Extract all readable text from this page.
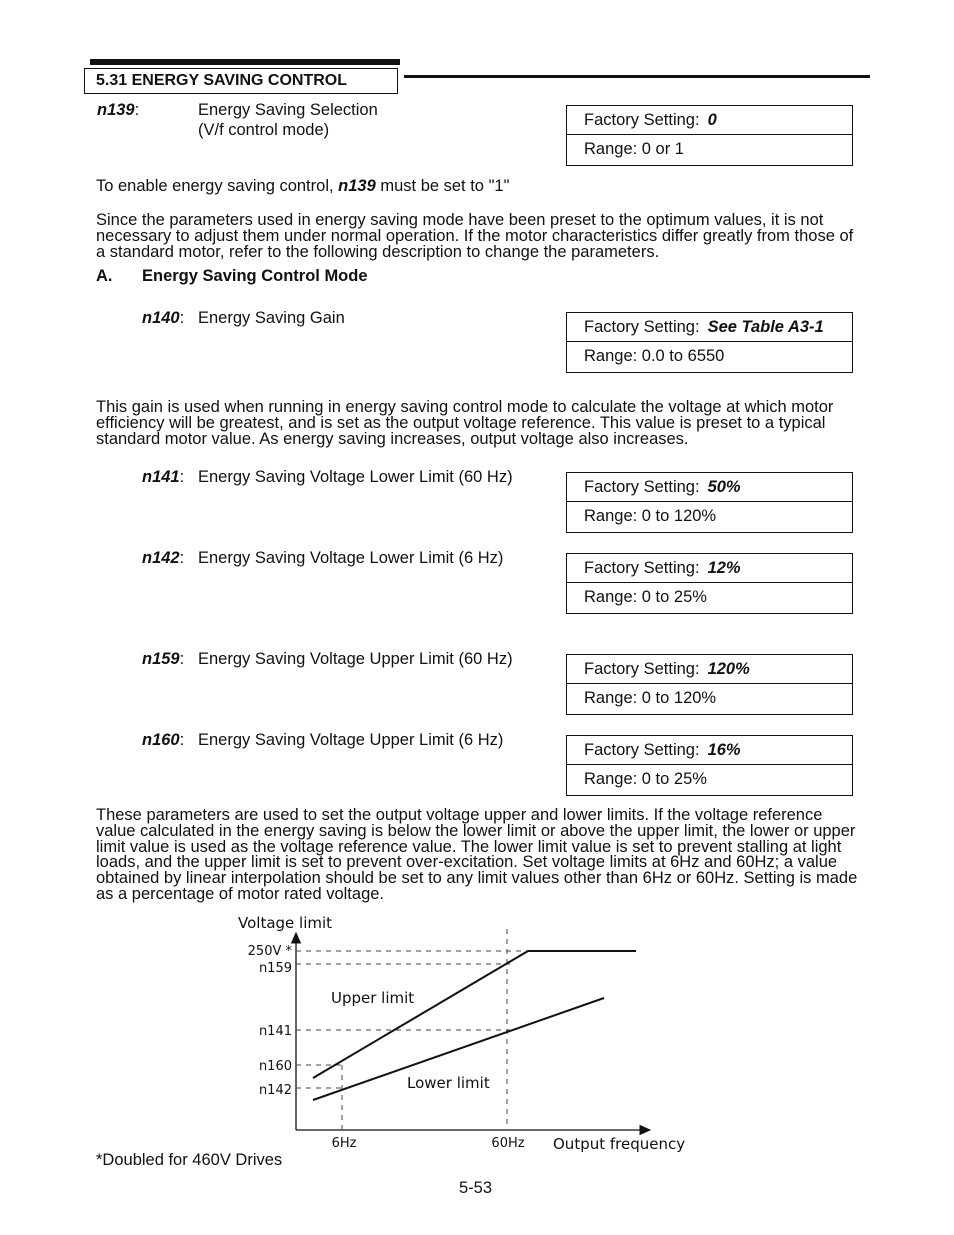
5.31 ENERGY SAVING CONTROL
n139:	Energy Saving Selection
(V/f control mode)
Factory Setting: 0
Range: 0 or 1
To enable energy saving control, n139 must be set to "1"
Since the parameters used in energy saving mode have been preset to the optimum values, it is not necessary to adjust them under normal operation. If the motor characteristics differ greatly from those of a standard motor, refer to the following description to change the parameters.
A. Energy Saving Control Mode
n140: Energy Saving Gain	Factory Setting: See Table A3-1
Range: 0.0 to 6550
This gain is used when running in energy saving control mode to calculate the voltage at which motor efficiency will be greatest, and is set as the output voltage reference. This value is preset to a typical standard motor value. As energy saving increases, output voltage also increases.
n141: Energy Saving Voltage Lower Limit (60 Hz)
Factory Setting: 50%
Range: 0 to 120%
n142: Energy Saving Voltage Lower Limit (6 Hz)
Factory Setting: 12%
Range: 0 to 25%
n159: Energy Saving Voltage Upper Limit (60 Hz)
Factory Setting: 120%
Range: 0 to 120%
n160: Energy Saving Voltage Upper Limit (6 Hz)
Factory Setting: 16%
Range: 0 to 25%
These parameters are used to set the output voltage upper and lower limits. If the voltage reference value calculated in the energy saving is below the lower limit or above the upper limit, the lower or upper limit value is used as the voltage reference value. The lower limit value is set to prevent stalling at light loads, and the upper limit is set to prevent over-excitation. Set voltage limits at 6Hz and 60Hz; a value obtained by linear interpolation should be set to any limit values other than 6Hz or 60Hz. Setting is made as a percentage of motor rated voltage.
Voltage limit
250V *
n159
n141
n160
n142
6Hz	60Hz Output frequency
Upper limit
Lower limit
*Doubled for 460V Drives
5-53
